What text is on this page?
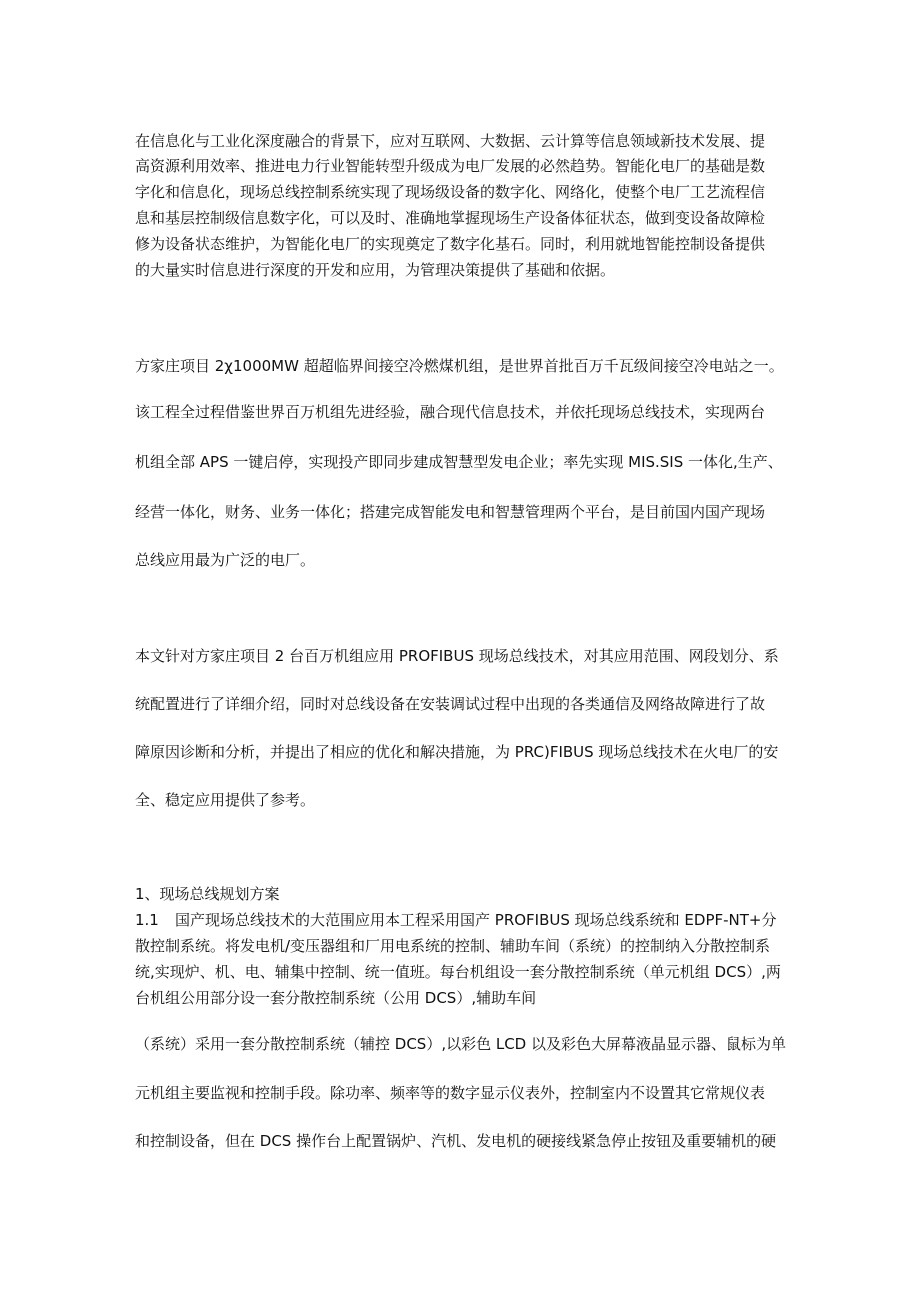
在信息化与工业化深度融合的背景下，应对互联网、大数据、云计算等信息领域新技术发展、提
高资源利用效率、推进电力行业智能转型升级成为电厂发展的必然趋势。智能化电厂的基础是数
字化和信息化，现场总线控制系统实现了现场级设备的数字化、网络化，使整个电厂工艺流程信
息和基层控制级信息数字化，可以及时、准确地掌握现场生产设备体征状态，做到变设备故障检
修为设备状态维护，为智能化电厂的实现奠定了数字化基石。同时，利用就地智能控制设备提供
的大量实时信息进行深度的开发和应用，为管理决策提供了基础和依据。
方家庄项目 2χ1000MW 超超临界间接空冷燃煤机组，是世界首批百万千瓦级间接空冷电站之一。
该工程全过程借鉴世界百万机组先进经验，融合现代信息技术，并依托现场总线技术，实现两台
机组全部 APS 一键启停，实现投产即同步建成智慧型发电企业；率先实现 MIS.SIS 一体化,生产、
经营一体化，财务、业务一体化；搭建完成智能发电和智慧管理两个平台，是目前国内国产现场
总线应用最为广泛的电厂。
本文针对方家庄项目 2 台百万机组应用 PROFIBUS 现场总线技术，对其应用范围、网段划分、系
统配置进行了详细介绍，同时对总线设备在安装调试过程中出现的各类通信及网络故障进行了故
障原因诊断和分析，并提出了相应的优化和解决措施，为 PRC)FIBUS 现场总线技术在火电厂的安
全、稳定应用提供了参考。
1、现场总线规划方案
1.1 国产现场总线技术的大范围应用本工程采用国产 PROFIBUS 现场总线系统和 EDPF-NT+分
散控制系统。将发电机/变压器组和厂用电系统的控制、辅助车间（系统）的控制纳入分散控制系
统,实现炉、机、电、辅集中控制、统一值班。每台机组设一套分散控制系统（单元机组 DCS）,两
台机组公用部分设一套分散控制系统（公用 DCS）,辅助车间
（系统）采用一套分散控制系统（辅控 DCS）,以彩色 LCD 以及彩色大屏幕液晶显示器、鼠标为单
元机组主要监视和控制手段。除功率、频率等的数字显示仪表外，控制室内不设置其它常规仪表
和控制设备，但在 DCS 操作台上配置锅炉、汽机、发电机的硬接线紧急停止按钮及重要辅机的硬
